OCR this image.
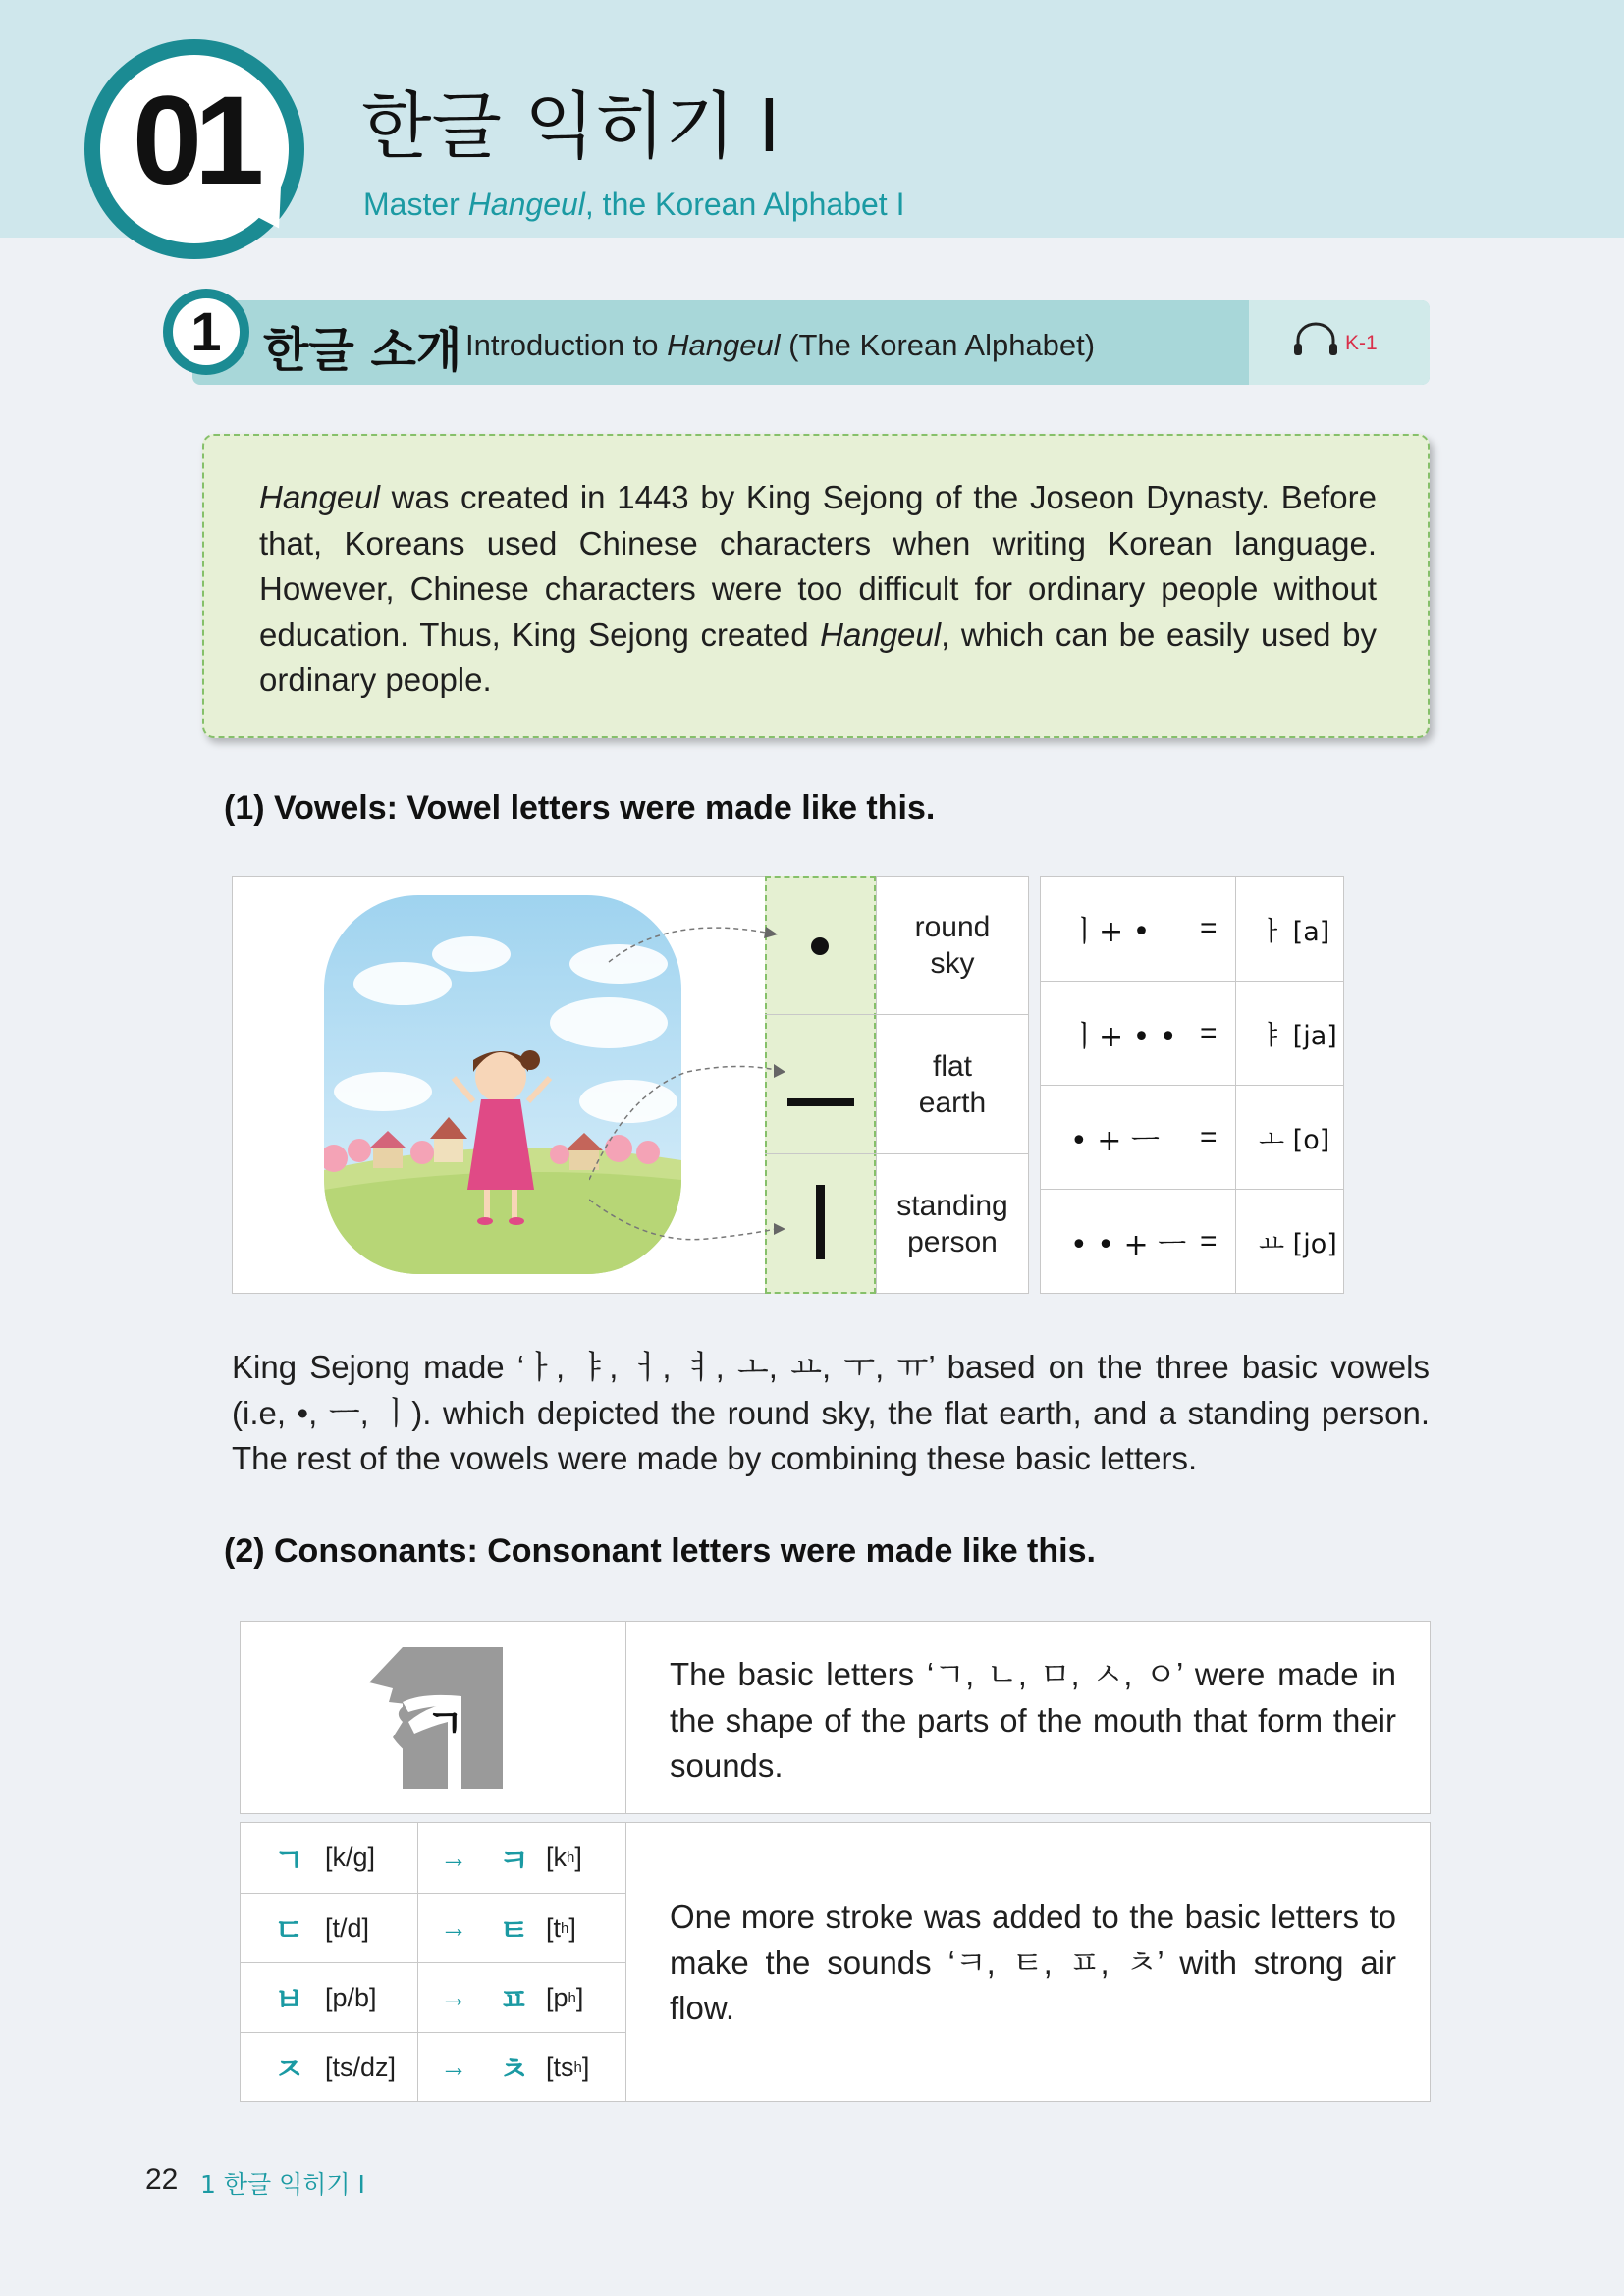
01	한글 익히기 I
Master Hangeul, the Korean Alphabet I
1 한글 소개 Introduction to Hangeul (The Korean Alphabet)	K-1
Hangeul was created in 1443 by King Sejong of the Joseon Dynasty. Before that, Koreans used Chinese characters when writing Korean language. However, Chinese characters were too difficult for ordinary people without education. Thus, King Sejong created Hangeul, which can be easily used by ordinary people.
(1) Vowels: Vowel letters were made like this.
round
sky
flat
earth
standing
person
ㅣ+ • = ㅏ [a]
ㅣ+ • • = ㅑ [ja]
• + ㅡ = ㅗ [o]
• • + ㅡ = ㅛ [jo]
King Sejong made ‘ㅏ, ㅑ, ㅓ, ㅕ, ㅗ, ㅛ, ㅜ, ㅠ’ based on the three basic vowels (i.e, •, ㅡ, ㅣ). which depicted the round sky, the flat earth, and a standing person. The rest of the vowels were made by combining these basic letters.
(2) Consonants: Consonant letters were made like this.
ㄱ
The basic letters ‘ㄱ, ㄴ, ㅁ, ㅅ, ㅇ’ were made in the shape of the parts of the mouth that form their sounds.
ㄱ [k/g] → ㅋ [k h ]
ㄷ [t/d]	→ ㅌ [t h ]
ㅂ [p/b] → ㅍ [p h ]
ㅈ [ts/dz] → ㅊ [ts h ]
One more stroke was added to the basic letters to make the sounds ‘ㅋ, ㅌ, ㅍ, ㅊ’ with strong air flow.
22 1 한글 익히기 I
